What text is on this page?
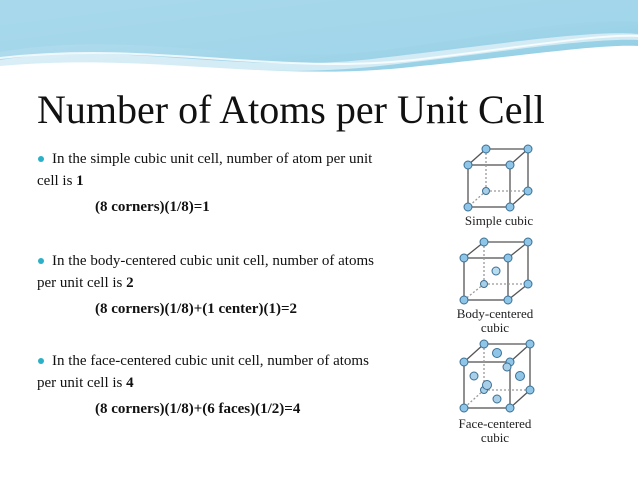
Number of Atoms per Unit Cell
In the simple cubic unit cell, number of atom per unit
cell is 1
(8 corners)(1/8)=1
In the body-centered cubic unit cell, number of atoms
per unit cell is 2
(8 corners)(1/8)+(1 center)(1)=2
In the face-centered cubic unit cell, number of atoms
per unit cell is 4
(8 corners)(1/8)+(6 faces)(1/2)=4
Simple cubic
Body-centered
cubic
Face-centered
cubic
